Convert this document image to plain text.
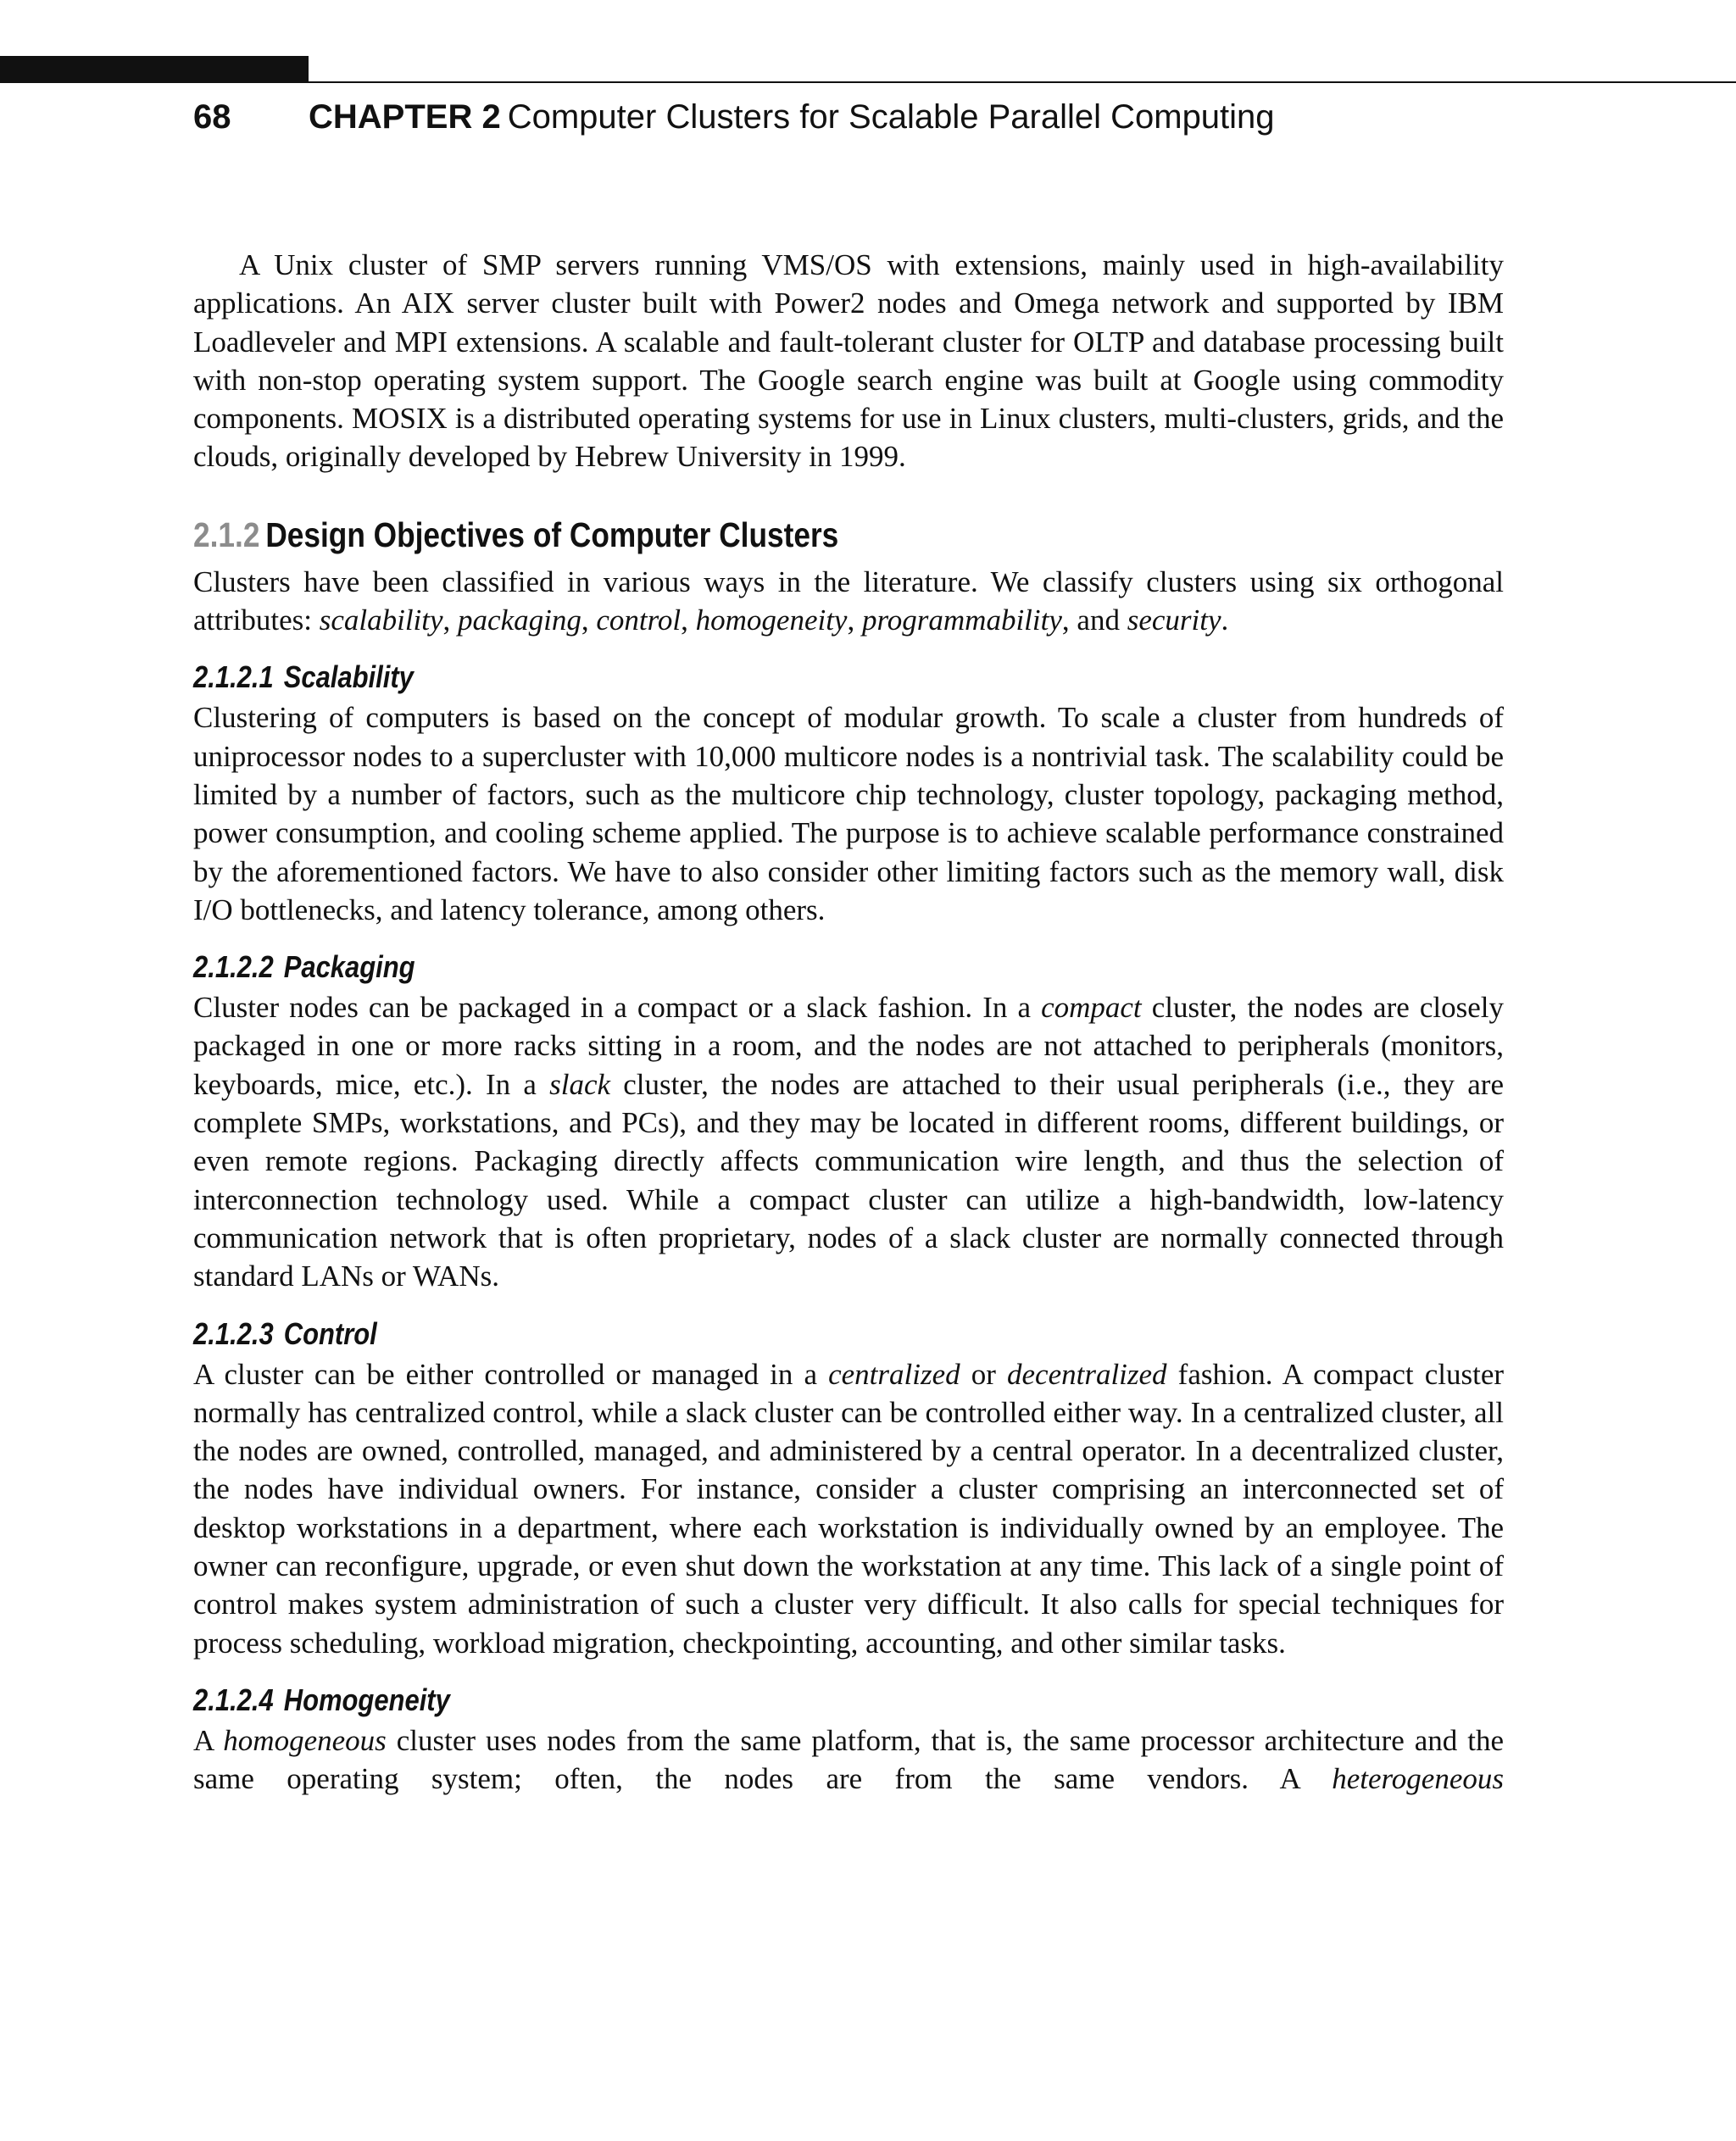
68 CHAPTER 2 Computer Clusters for Scalable Parallel Computing

A Unix cluster of SMP servers running VMS/OS with extensions, mainly used in high-availability applications. An AIX server cluster built with Power2 nodes and Omega network and supported by IBM Loadleveler and MPI extensions. A scalable and fault-tolerant cluster for OLTP and database processing built with non-stop operating system support. The Google search engine was built at Google using commodity components. MOSIX is a distributed operating systems for use in Linux clusters, multi-clusters, grids, and the clouds, originally developed by Hebrew University in 1999.

2.1.2 Design Objectives of Computer Clusters

Clusters have been classified in various ways in the literature. We classify clusters using six orthogonal attributes: scalability, packaging, control, homogeneity, programmability, and security.

2.1.2.1 Scalability

Clustering of computers is based on the concept of modular growth. To scale a cluster from hundreds of uniprocessor nodes to a supercluster with 10,000 multicore nodes is a nontrivial task. The scalability could be limited by a number of factors, such as the multicore chip technology, cluster topology, packaging method, power consumption, and cooling scheme applied. The purpose is to achieve scalable performance constrained by the aforementioned factors. We have to also consider other limiting factors such as the memory wall, disk I/O bottlenecks, and latency tolerance, among others.

2.1.2.2 Packaging

Cluster nodes can be packaged in a compact or a slack fashion. In a compact cluster, the nodes are closely packaged in one or more racks sitting in a room, and the nodes are not attached to peripherals (monitors, keyboards, mice, etc.). In a slack cluster, the nodes are attached to their usual peripherals (i.e., they are complete SMPs, workstations, and PCs), and they may be located in different rooms, different buildings, or even remote regions. Packaging directly affects communication wire length, and thus the selection of interconnection technology used. While a compact cluster can utilize a high-bandwidth, low-latency communication network that is often proprietary, nodes of a slack cluster are normally connected through standard LANs or WANs.

2.1.2.3 Control

A cluster can be either controlled or managed in a centralized or decentralized fashion. A compact cluster normally has centralized control, while a slack cluster can be controlled either way. In a centralized cluster, all the nodes are owned, controlled, managed, and administered by a central operator. In a decentralized cluster, the nodes have individual owners. For instance, consider a cluster comprising an interconnected set of desktop workstations in a department, where each workstation is individually owned by an employee. The owner can reconfigure, upgrade, or even shut down the workstation at any time. This lack of a single point of control makes system administration of such a cluster very difficult. It also calls for special techniques for process scheduling, workload migration, checkpointing, accounting, and other similar tasks.

2.1.2.4 Homogeneity

A homogeneous cluster uses nodes from the same platform, that is, the same processor architecture and the same operating system; often, the nodes are from the same vendors. A heterogeneous
